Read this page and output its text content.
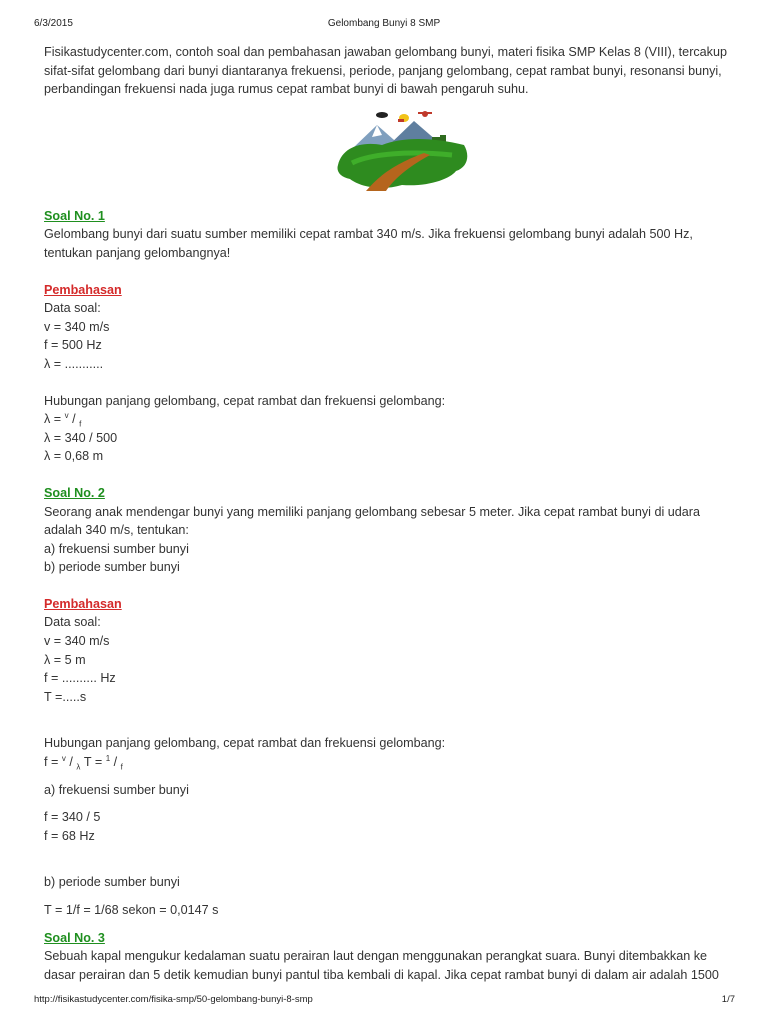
6/3/2015	Gelombang Bunyi 8 SMP
Fisikastudycenter.com, contoh soal dan pembahasan jawaban gelombang bunyi, materi fisika SMP Kelas 8 (VIII), tercakup
sifat-sifat gelombang dari bunyi diantaranya frekuensi, periode, panjang gelombang, cepat rambat bunyi, resonansi bunyi,
perbandingan frekuensi nada juga rumus cepat rambat bunyi di bawah pengaruh suhu.
Soal No. 1
Gelombang bunyi dari suatu sumber memiliki cepat rambat 340 m/s. Jika frekuensi gelombang bunyi adalah 500 Hz,
tentukan panjang gelombangnya!
Pembahasan
Data soal:
v = 340 m/s
f = 500 Hz
λ = ...........
Hubungan panjang gelombang, cepat rambat dan frekuensi gelombang:
λ = $^v$ / $_f$
λ = 340 / 500
λ = 0,68 m
Soal No. 2
Seorang anak mendengar bunyi yang memiliki panjang gelombang sebesar 5 meter. Jika cepat rambat bunyi di udara
adalah 340 m/s, tentukan:
a) frekuensi sumber bunyi
b) periode sumber bunyi
Pembahasan
Data soal:
v = 340 m/s
λ = 5 m
f = .......... Hz
T =.....s
Hubungan panjang gelombang, cepat rambat dan frekuensi gelombang:
f = $^v$ / $_\lambda$ T = $^1$ / $_f$
a) frekuensi sumber bunyi
f = 340 / 5
f = 68 Hz
b) periode sumber bunyi
T = 1/f = 1/68 sekon = 0,0147 s
Soal No. 3
Sebuah kapal mengukur kedalaman suatu perairan laut dengan menggunakan perangkat suara. Bunyi ditembakkan ke
dasar perairan dan 5 detik kemudian bunyi pantul tiba kembali di kapal. Jika cepat rambat bunyi di dalam air adalah 1500
http://fisikastudycenter.com/fisika-smp/50-gelombang-bunyi-8-smp	1/7
